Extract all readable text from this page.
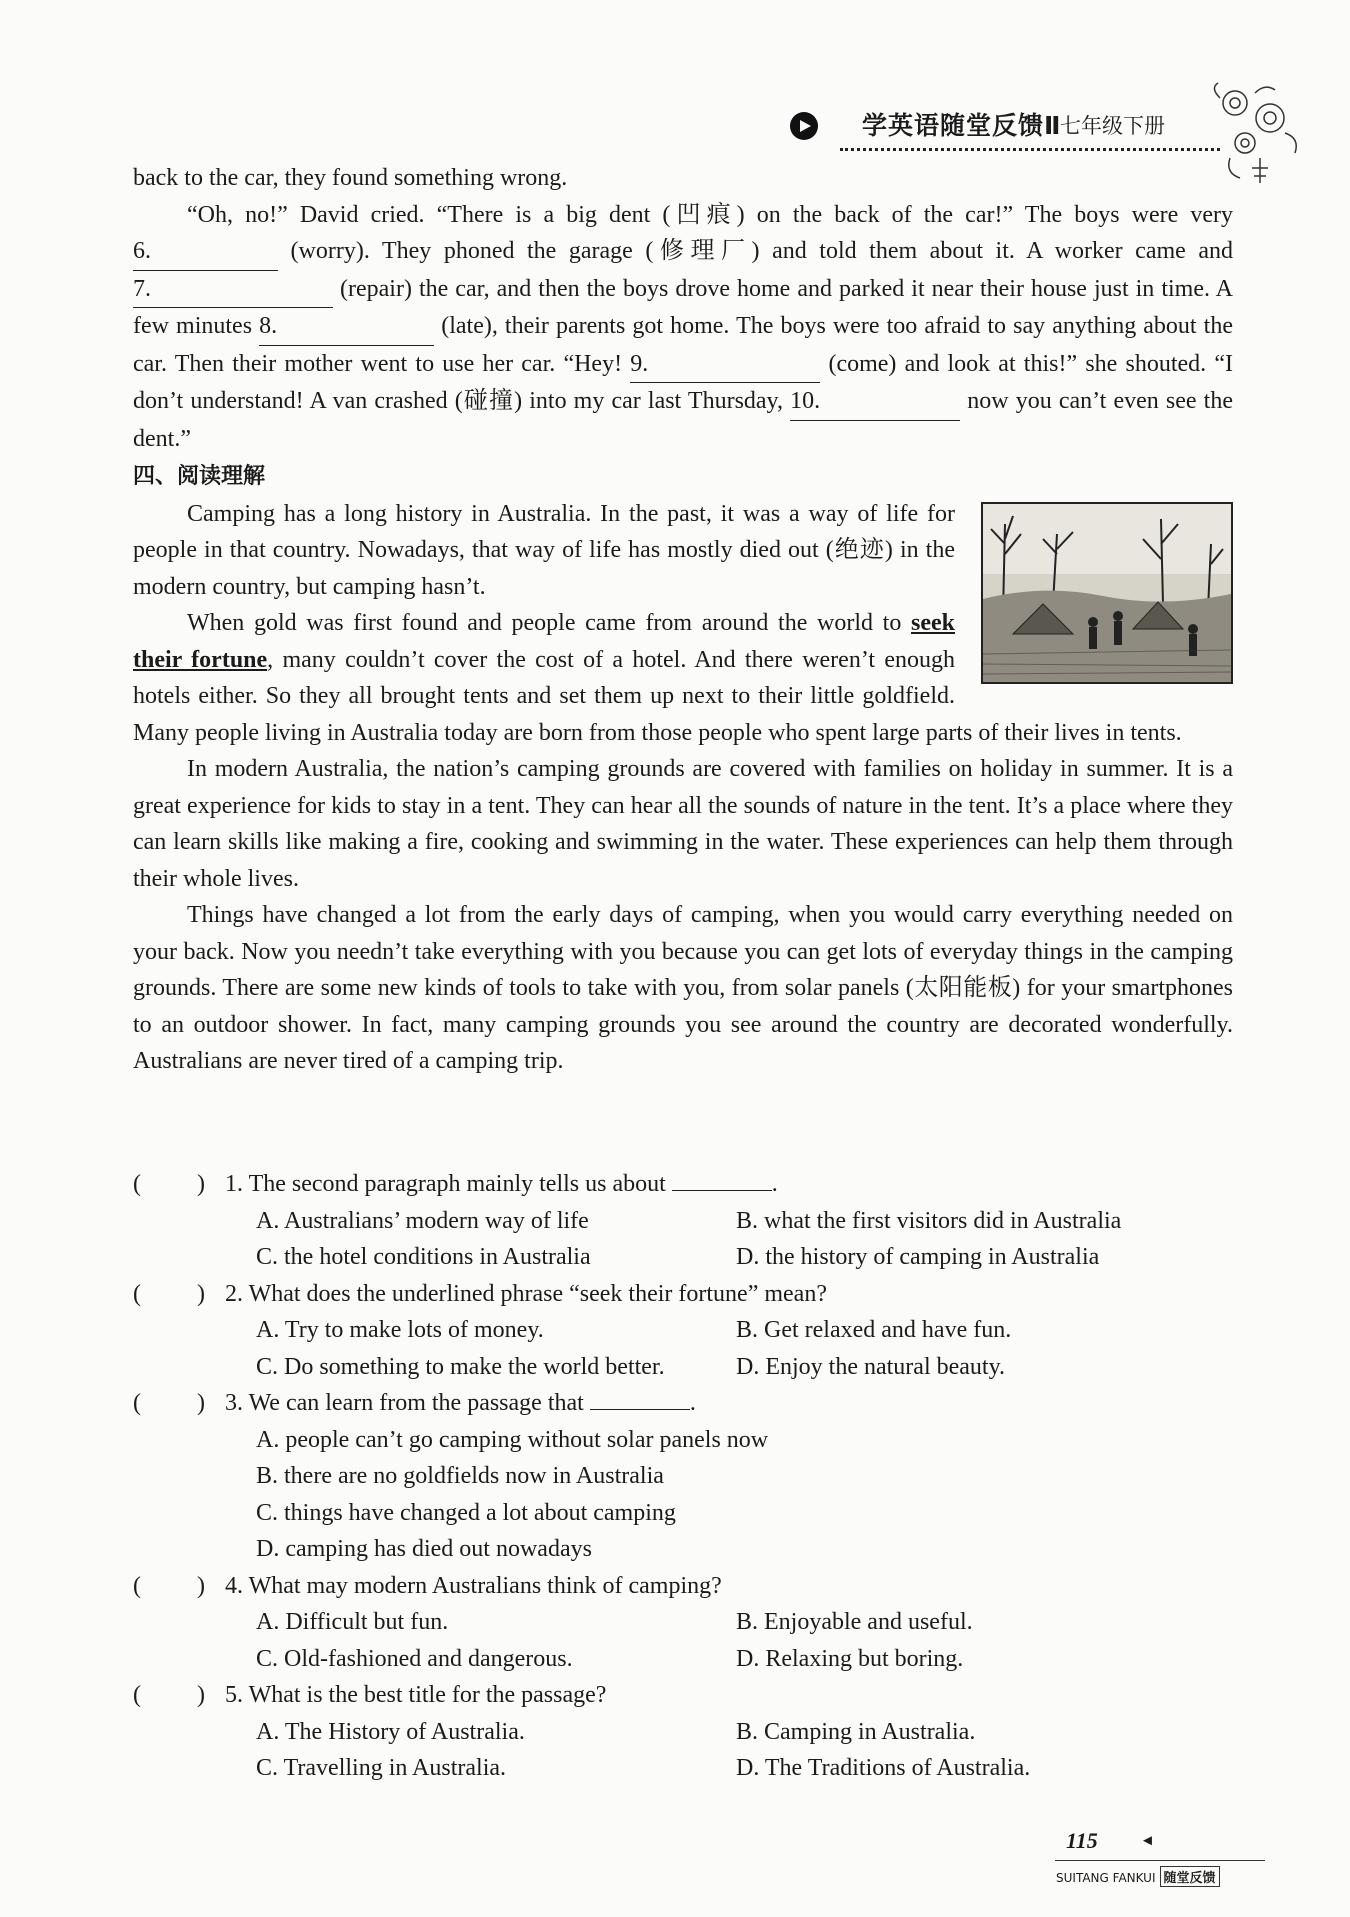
学英语随堂反馈Ⅱ
七年级下册

back to the car, they found something wrong.

“Oh, no!” David cried. “There is a big dent (凹痕) on the back of the car!” The boys were very 6.	(worry). They phoned the garage (修理厂) and told them about it. A worker came and 7.	(repair) the car, and then the boys drove home and parked it near their house just in time. A few minutes 8.	(late), their parents got home. The boys were too afraid to say anything about the car. Then their mother went to use her car. “Hey! 9.	(come) and look at this!” she shouted. “I don’t understand! A van crashed (碰撞) into my car last Thursday, 10.	now you can’t even see the dent.”

四、阅读理解

Camping has a long history in Australia. In the past, it was a way of life for people in that country. Nowadays, that way of life has mostly died out (绝迹) in the modern country, but camping hasn’t.

When gold was first found and people came from around the world to seek their fortune, many couldn’t cover the cost of a hotel. And there weren’t enough hotels either. So they all brought tents and set them up next to their little goldfield. Many people living in Australia today are born from those people who spent large parts of their lives in tents.

In modern Australia, the nation’s camping grounds are covered with families on holiday in summer. It is a great experience for kids to stay in a tent. They can hear all the sounds of nature in the tent. It’s a place where they can learn skills like making a fire, cooking and swimming in the water. These experiences can help them through their whole lives.

Things have changed a lot from the early days of camping, when you would carry everything needed on your back. Now you needn’t take everything with you because you can get lots of everyday things in the camping grounds. There are some new kinds of tools to take with you, from solar panels (太阳能板) for your smartphones to an outdoor shower. In fact, many camping grounds you see around the country are decorated wonderfully. Australians are never tired of a camping trip.

( ) 1. The second paragraph mainly tells us about	.
A. Australians’ modern way of life	B. what the first visitors did in Australia
C. the hotel conditions in Australia	D. the history of camping in Australia
( ) 2. What does the underlined phrase “seek their fortune” mean?
A. Try to make lots of money.	B. Get relaxed and have fun.
C. Do something to make the world better.	D. Enjoy the natural beauty.
( ) 3. We can learn from the passage that	.
A. people can’t go camping without solar panels now
B. there are no goldfields now in Australia
C. things have changed a lot about camping
D. camping has died out nowadays
( ) 4. What may modern Australians think of camping?
A. Difficult but fun.	B. Enjoyable and useful.
C. Old-fashioned and dangerous.	D. Relaxing but boring.
( ) 5. What is the best title for the passage?
A. The History of Australia.	B. Camping in Australia.
C. Travelling in Australia.	D. The Traditions of Australia.
115	◄
SUITANG FANKUI 随堂反馈
